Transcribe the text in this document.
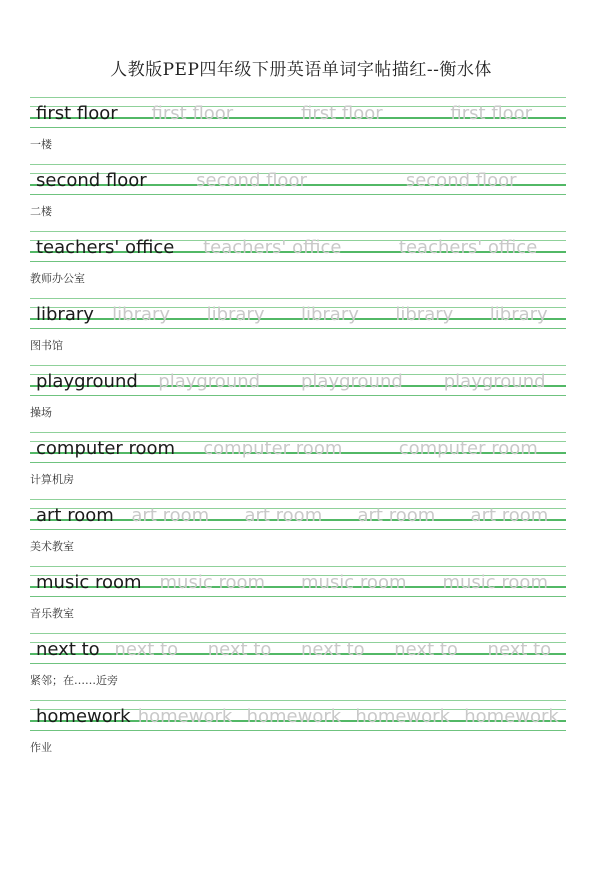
人教版PEP四年级下册英语单词字帖描红--衡水体
first floor first floor	first floor	first floor
一楼
second floor	second floor	second floor
二楼
teachers' office teachers' office	teachers' office
教师办公室
library library library library library library
图书馆
playground playground playground playground
操场
computer room computer room	computer room
计算机房
art room art room art room art room art room
美术教室
music room music room music room music room
音乐教室
next to next to next to next to next to next to
紧邻；在……近旁
homework homework homework homework homework
作业
